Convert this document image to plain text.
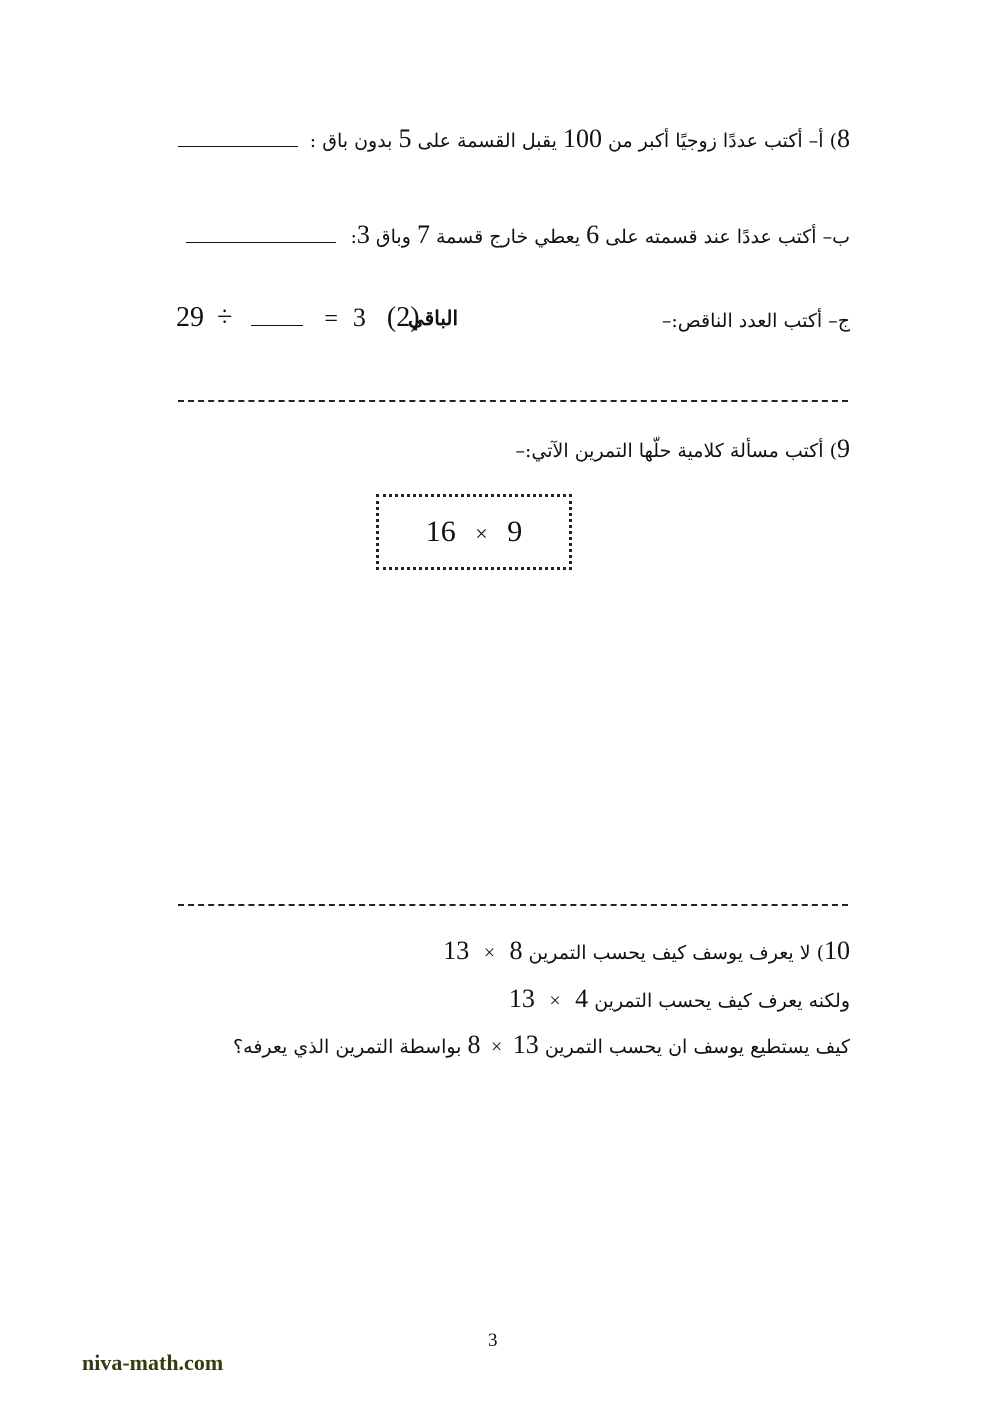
8) أ– أكتب عددًا زوجيًا أكبر من 100 يقبل القسمة على 5 بدون باق :
ب– أكتب عددًا عند قسمته على 6 يعطي خارج قسمة 7 وباق 3:
ج– أكتب العدد الناقص:–
الباقي
29 ÷	= 3 (2)
9) أكتب مسألة كلامية حلّها التمرين الآتي:–
16 × 9
10) لا يعرف يوسف كيف يحسب التمرين 13 × 8
ولكنه يعرف كيف يحسب التمرين 13 × 4
كيف يستطيع يوسف ان يحسب التمرين 8 × 13 بواسطة التمرين الذي يعرفه؟
3
niva-math.com
